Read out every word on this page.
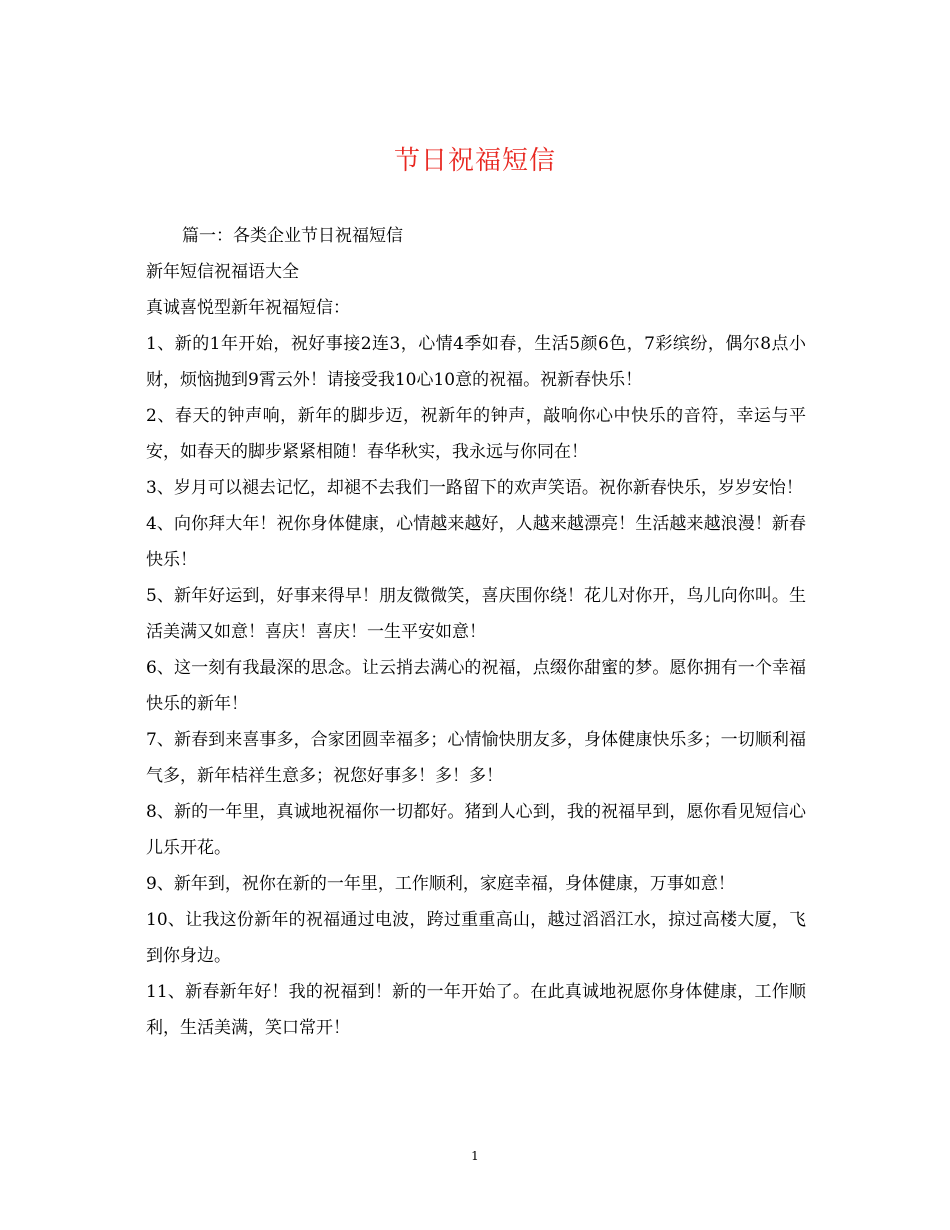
节日祝福短信

篇一：各类企业节日祝福短信

新年短信祝福语大全

真诚喜悦型新年祝福短信：

1、新的1年开始，祝好事接2连3，心情4季如春，生活5颜6色，7彩缤纷，偶尔8点小财，烦恼抛到9霄云外！请接受我10心10意的祝福。祝新春快乐！

2、春天的钟声响，新年的脚步迈，祝新年的钟声，敲响你心中快乐的音符，幸运与平安，如春天的脚步紧紧相随！春华秋实，我永远与你同在！

3、岁月可以褪去记忆，却褪不去我们一路留下的欢声笑语。祝你新春快乐，岁岁安怡！

4、向你拜大年！祝你身体健康，心情越来越好，人越来越漂亮！生活越来越浪漫！新春快乐！

5、新年好运到，好事来得早！朋友微微笑，喜庆围你绕！花儿对你开，鸟儿向你叫。生活美满又如意！喜庆！喜庆！一生平安如意！

6、这一刻有我最深的思念。让云捎去满心的祝福，点缀你甜蜜的梦。愿你拥有一个幸福快乐的新年！

7、新春到来喜事多，合家团圆幸福多；心情愉快朋友多，身体健康快乐多；一切顺利福气多，新年桔祥生意多；祝您好事多！多！多！

8、新的一年里，真诚地祝福你一切都好。猪到人心到，我的祝福早到，愿你看见短信心儿乐开花。

9、新年到，祝你在新的一年里，工作顺利，家庭幸福，身体健康，万事如意！

10、让我这份新年的祝福通过电波，跨过重重高山，越过滔滔江水，掠过高楼大厦，飞到你身边。

11、新春新年好！我的祝福到！新的一年开始了。在此真诚地祝愿你身体健康，工作顺利，生活美满，笑口常开！

1
